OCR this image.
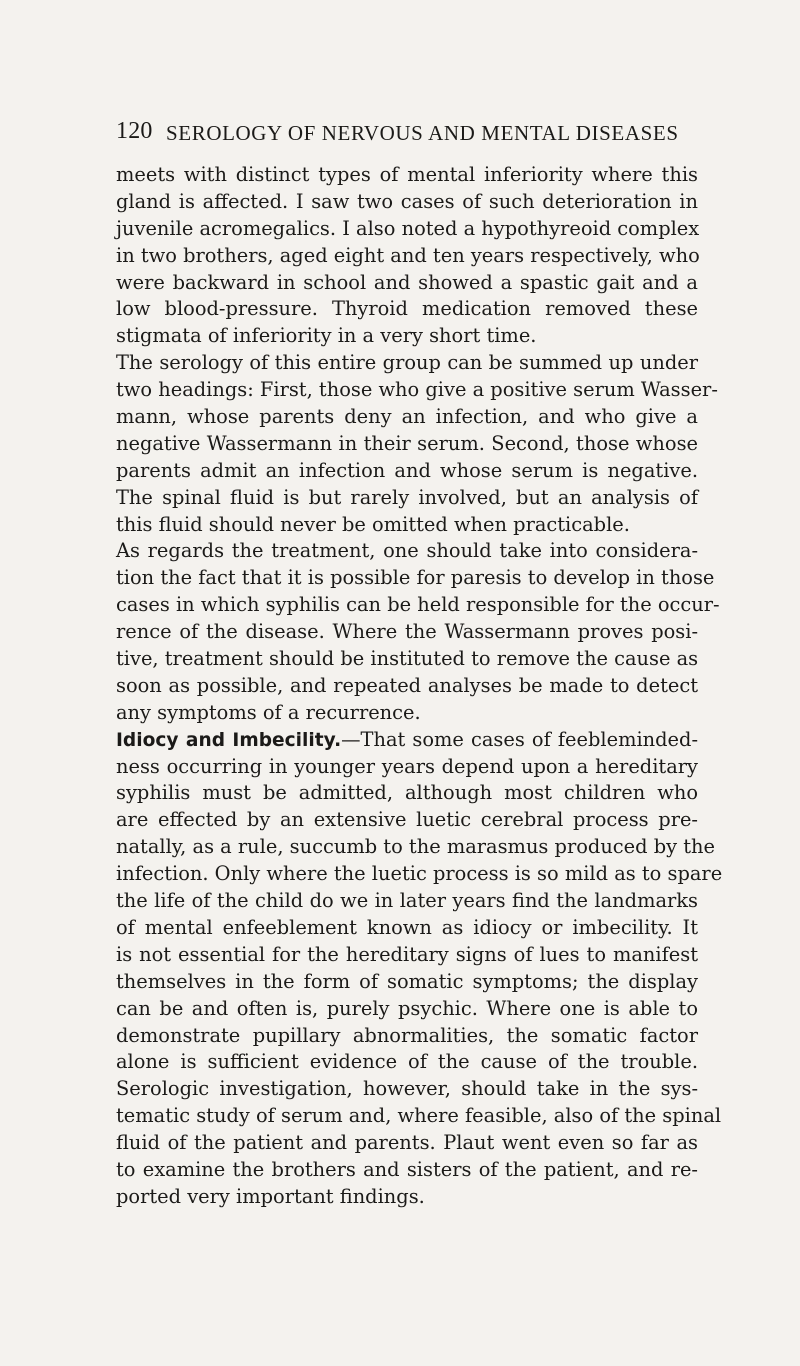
120 SEROLOGY OF NERVOUS AND MENTAL DISEASES
meets with distinct types of mental inferiority where this
gland is affected. I saw two cases of such deterioration in
juvenile acromegalics. I also noted a hypothyreoid complex
in two brothers, aged eight and ten years respectively, who
were backward in school and showed a spastic gait and a
low blood-pressure. Thyroid medication removed these
stigmata of inferiority in a very short time.
The serology of this entire group can be summed up under
two headings: First, those who give a positive serum Wasser-
mann, whose parents deny an infection, and who give a
negative Wassermann in their serum. Second, those whose
parents admit an infection and whose serum is negative.
The spinal fluid is but rarely involved, but an analysis of
this fluid should never be omitted when practicable.
As regards the treatment, one should take into considera-
tion the fact that it is possible for paresis to develop in those
cases in which syphilis can be held responsible for the occur-
rence of the disease. Where the Wassermann proves posi-
tive, treatment should be instituted to remove the cause as
soon as possible, and repeated analyses be made to detect
any symptoms of a recurrence.
Idiocy and Imbecility.—That some cases of feebleminded-
ness occurring in younger years depend upon a hereditary
syphilis must be admitted, although most children who
are effected by an extensive luetic cerebral process pre-
natally, as a rule, succumb to the marasmus produced by the
infection. Only where the luetic process is so mild as to spare
the life of the child do we in later years find the landmarks
of mental enfeeblement known as idiocy or imbecility. It
is not essential for the hereditary signs of lues to manifest
themselves in the form of somatic symptoms; the display
can be and often is, purely psychic. Where one is able to
demonstrate pupillary abnormalities, the somatic factor
alone is sufficient evidence of the cause of the trouble.
Serologic investigation, however, should take in the sys-
tematic study of serum and, where feasible, also of the spinal
fluid of the patient and parents. Plaut went even so far as
to examine the brothers and sisters of the patient, and re-
ported very important findings.
